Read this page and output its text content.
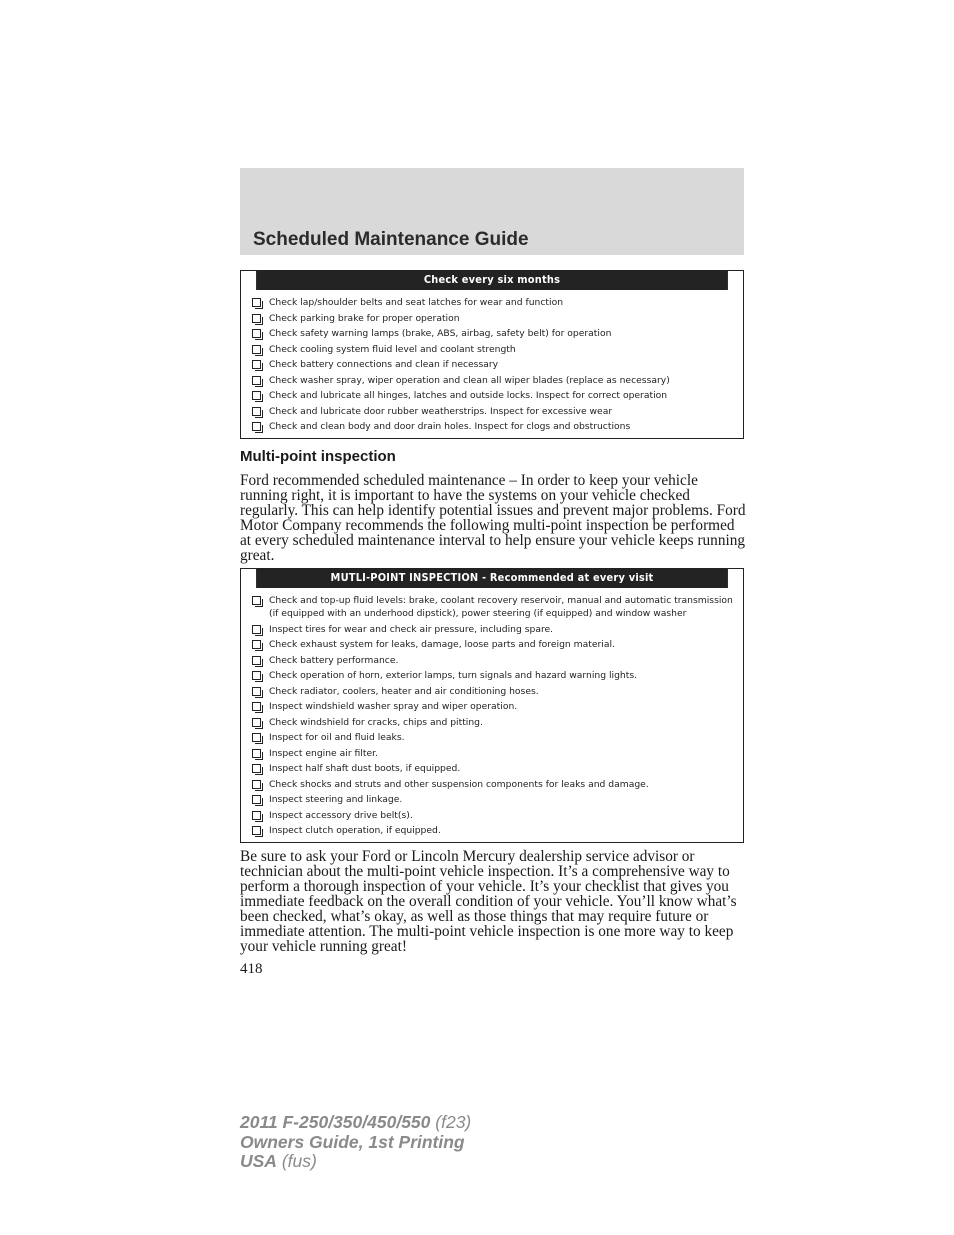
Scheduled Maintenance Guide
Check every six months
Check lap/shoulder belts and seat latches for wear and function
Check parking brake for proper operation
Check safety warning lamps (brake, ABS, airbag, safety belt) for operation
Check cooling system fluid level and coolant strength
Check battery connections and clean if necessary
Check washer spray, wiper operation and clean all wiper blades (replace as necessary)
Check and lubricate all hinges, latches and outside locks. Inspect for correct operation
Check and lubricate door rubber weatherstrips. Inspect for excessive wear
Check and clean body and door drain holes. Inspect for clogs and obstructions
Multi-point inspection

Ford recommended scheduled maintenance – In order to keep your vehicle running right, it is important to have the systems on your vehicle checked regularly. This can help identify potential issues and prevent major problems. Ford Motor Company recommends the following multi-point inspection be performed at every scheduled maintenance interval to help ensure your vehicle keeps running great.

MUTLI-POINT INSPECTION - Recommended at every visit
Check and top-up fluid levels: brake, coolant recovery reservoir, manual and automatic transmission (if equipped with an underhood dipstick), power steering (if equipped) and window washer
Inspect tires for wear and check air pressure, including spare.
Check exhaust system for leaks, damage, loose parts and foreign material.
Check battery performance.
Check operation of horn, exterior lamps, turn signals and hazard warning lights.
Check radiator, coolers, heater and air conditioning hoses.
Inspect windshield washer spray and wiper operation.
Check windshield for cracks, chips and pitting.
Inspect for oil and fluid leaks.
Inspect engine air filter.
Inspect half shaft dust boots, if equipped.
Check shocks and struts and other suspension components for leaks and damage.
Inspect steering and linkage.
Inspect accessory drive belt(s).
Inspect clutch operation, if equipped.

Be sure to ask your Ford or Lincoln Mercury dealership service advisor or technician about the multi-point vehicle inspection. It’s a comprehensive way to perform a thorough inspection of your vehicle. It’s your checklist that gives you immediate feedback on the overall condition of your vehicle. You’ll know what’s been checked, what’s okay, as well as those things that may require future or immediate attention. The multi-point vehicle inspection is one more way to keep your vehicle running great!

418

2011 F-250/350/450/550 (f23)
Owners Guide, 1st Printing
USA (fus)
